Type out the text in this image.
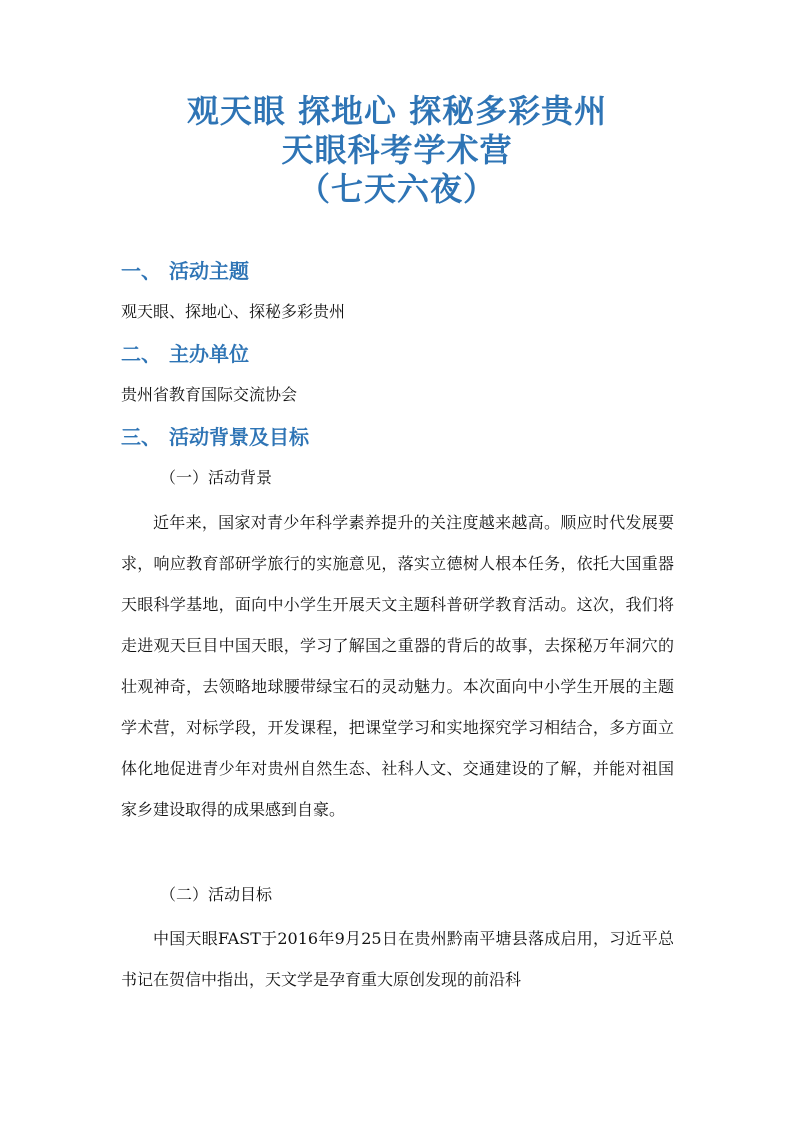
观天眼 探地心 探秘多彩贵州
天眼科考学术营
（七天六夜）
一、 活动主题
观天眼、探地心、探秘多彩贵州
二、 主办单位
贵州省教育国际交流协会
三、 活动背景及目标
（一）活动背景
近年来，国家对青少年科学素养提升的关注度越来越高。顺应时代发展要求，响应教育部研学旅行的实施意见，落实立德树人根本任务，依托大国重器天眼科学基地，面向中小学生开展天文主题科普研学教育活动。这次，我们将走进观天巨目中国天眼，学习了解国之重器的背后的故事，去探秘万年洞穴的壮观神奇，去领略地球腰带绿宝石的灵动魅力。本次面向中小学生开展的主题学术营，对标学段，开发课程，把课堂学习和实地探究学习相结合，多方面立体化地促进青少年对贵州自然生态、社科人文、交通建设的了解，并能对祖国家乡建设取得的成果感到自豪。
（二）活动目标
中国天眼FAST于2016年9月25日在贵州黔南平塘县落成启用，习近平总书记在贺信中指出，天文学是孕育重大原创发现的前沿科
